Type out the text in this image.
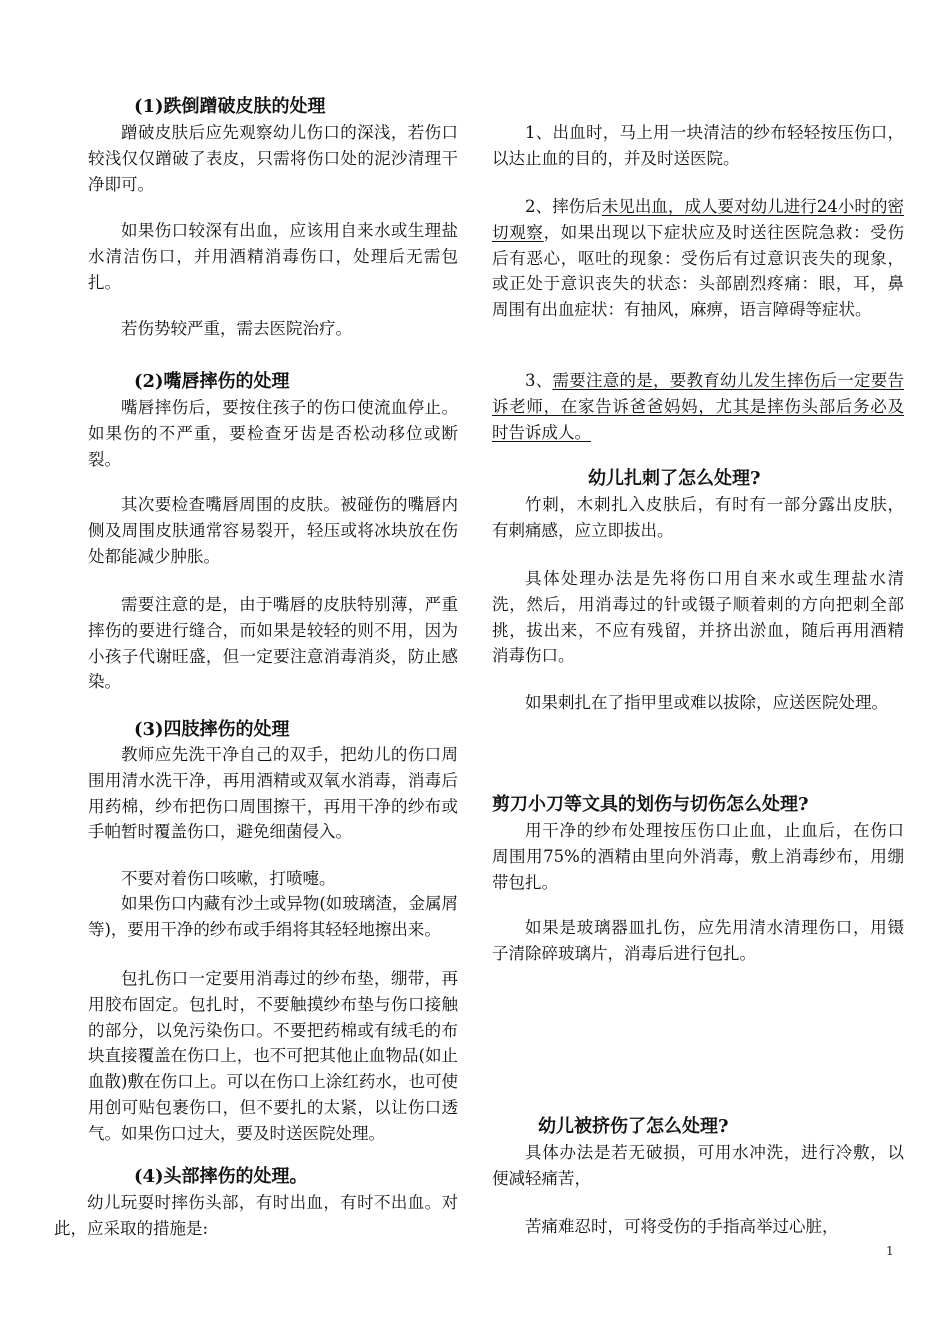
(1)跌倒蹭破皮肤的处理
蹭破皮肤后应先观察幼儿伤口的深浅，若伤口较浅仅仅蹭破了表皮，只需将伤口处的泥沙清理干净即可。
如果伤口较深有出血，应该用自来水或生理盐水清洁伤口，并用酒精消毒伤口，处理后无需包扎。
若伤势较严重，需去医院治疗。
(2)嘴唇摔伤的处理
嘴唇摔伤后，要按住孩子的伤口使流血停止。如果伤的不严重，要检查牙齿是否松动移位或断裂。
其次要检查嘴唇周围的皮肤。被碰伤的嘴唇内侧及周围皮肤通常容易裂开，轻压或将冰块放在伤处都能减少肿胀。
需要注意的是，由于嘴唇的皮肤特别薄，严重摔伤的要进行缝合，而如果是较轻的则不用，因为小孩子代谢旺盛，但一定要注意消毒消炎，防止感染。
(3)四肢摔伤的处理
教师应先洗干净自己的双手，把幼儿的伤口周围用清水洗干净，再用酒精或双氧水消毒，消毒后用药棉，纱布把伤口周围擦干，再用干净的纱布或手帕暂时覆盖伤口，避免细菌侵入。
不要对着伤口咳嗽，打喷嚏。
如果伤口内藏有沙土或异物(如玻璃渣，金属屑等)，要用干净的纱布或手绢将其轻轻地擦出来。
包扎伤口一定要用消毒过的纱布垫，绷带，再用胶布固定。包扎时，不要触摸纱布垫与伤口接触的部分，以免污染伤口。不要把药棉或有绒毛的布块直接覆盖在伤口上，也不可把其他止血物品(如止血散)敷在伤口上。可以在伤口上涂红药水，也可使用创可贴包裹伤口，但不要扎的太紧，以让伤口透气。如果伤口过大，要及时送医院处理。
(4)头部摔伤的处理。
幼儿玩耍时摔伤头部，有时出血，有时不出血。对此，应采取的措施是:
1、出血时，马上用一块清洁的纱布轻轻按压伤口，以达止血的目的，并及时送医院。
2、摔伤后未见出血，成人要对幼儿进行24小时的密切观察，如果出现以下症状应及时送往医院急救：受伤后有恶心，呕吐的现象：受伤后有过意识丧失的现象，或正处于意识丧失的状态：头部剧烈疼痛：眼，耳，鼻周围有出血症状：有抽风，麻痹，语言障碍等症状。
3、需要注意的是，要教育幼儿发生摔伤后一定要告诉老师，在家告诉爸爸妈妈，尤其是摔伤头部后务必及时告诉成人。
幼儿扎刺了怎么处理?
竹刺，木刺扎入皮肤后，有时有一部分露出皮肤，有刺痛感，应立即拔出。
具体处理办法是先将伤口用自来水或生理盐水清洗，然后，用消毒过的针或镊子顺着刺的方向把刺全部挑，拔出来，不应有残留，并挤出淤血，随后再用酒精消毒伤口。
如果刺扎在了指甲里或难以拔除，应送医院处理。
剪刀小刀等文具的划伤与切伤怎么处理?
用干净的纱布处理按压伤口止血，止血后，在伤口周围用75%的酒精由里向外消毒，敷上消毒纱布，用绷带包扎。
如果是玻璃器皿扎伤，应先用清水清理伤口，用镊子清除碎玻璃片，消毒后进行包扎。
幼儿被挤伤了怎么处理?
具体办法是若无破损，可用水冲洗，进行冷敷，以便减轻痛苦，
苦痛难忍时，可将受伤的手指高举过心脏，
1
